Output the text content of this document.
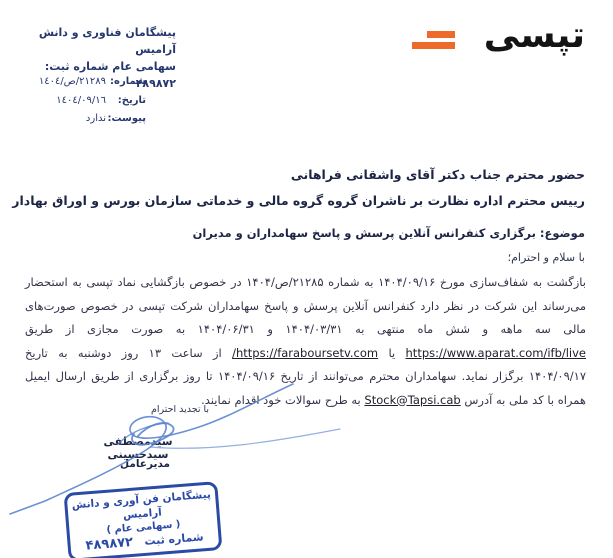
تپسی
پیشگامان فناوری و دانش آرامیس
سهامی عام شماره ثبت: ۴۸۹۸۷۲
شماره:
٢١٢٨٩/ص/١٤٠٤
تاریخ:
١٤٠٤/٠٩/١٦
پیوست:
ندارد
حضور محترم جناب دکتر آقای واشقانی فراهانی
رییس محترم اداره نظارت بر ناشران گروه گروه مالی و خدماتی سازمان بورس و اوراق بهادار
موضوع: برگزاری کنفرانس آنلاین پرسش و پاسخ سهامداران و مدیران
با سلام و احترام؛

بازگشت به شفاف‌سازی مورخ ۱۴۰۴/۰۹/۱۶ به شماره ۲۱۲۸۵/ص/۱۴۰۴ در خصوص بازگشایی نماد تپسی به استحضار می‌رساند این شرکت در نظر دارد کنفرانس آنلاین پرسش و پاسخ سهامداران شرکت تپسی در خصوص صورت‌های مالی سه ماهه و شش ماه منتهی به ۱۴۰۴/۰۳/۳۱ و ۱۴۰۴/۰۶/۳۱ به صورت مجازی از طریق https://www.aparat.com/ifb/live یا https://faraboursetv.com/ از ساعت ۱۳ روز دوشنبه به تاریخ ۱۴۰۴/۰۹/۱۷ برگزار نماید. سهامداران محترم می‌توانند از تاریخ ۱۴۰۴/۰۹/۱۶ تا روز برگزاری از طریق ارسال ایمیل همراه با کد ملی به آدرس Stock@Tapsi.cab به طرح سوالات خود اقدام نمایند.

با تجدید احترام
سیدمصطفی سیدحسینی
مدیرعامل
پیشگامان فن آوری و دانش آرامیس
( سهامی عام )
شماره ثبت   ۴۸۹۸۷۲
